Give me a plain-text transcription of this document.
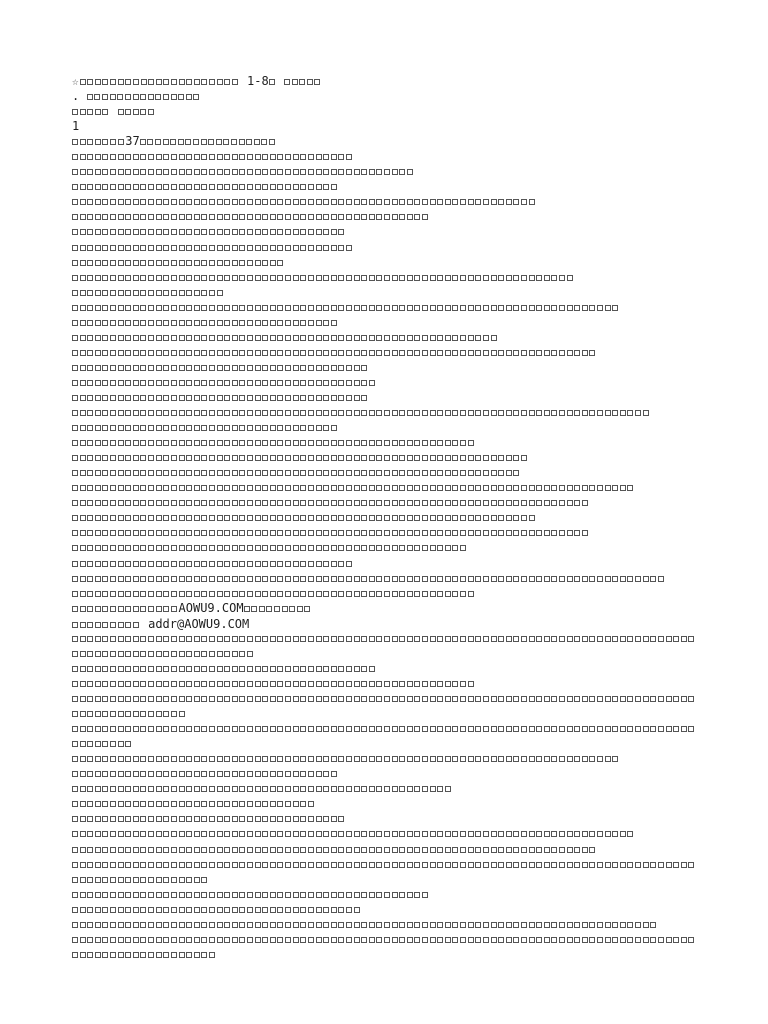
☆	1-8
.
1
37
AOWU9.COM
addr@AOWU9.COM
